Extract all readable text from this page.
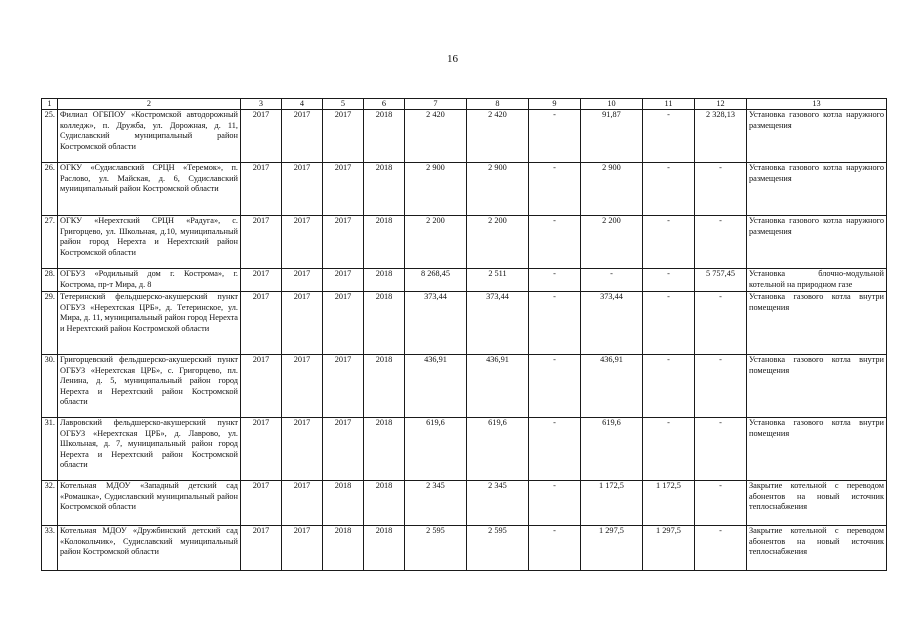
16
1	2	3	4	5	6	7	8	9	10	11	12	13
25.	Филиал ОГБПОУ «Костромской автодорожный колледж», п. Дружба, ул. Дорожная, д. 11, Судиславский муниципальный район Костромской области	2017	2017	2017	2018	2 420	2 420	-	91,87	-	2 328,13	Установка газового котла наружного размещения
26.	ОГКУ «Судиславский СРЦН «Теремок», п. Раслово, ул. Майская, д. 6, Судиславский муниципальный район Костромской области	2017	2017	2017	2018	2 900	2 900	-	2 900	-	-	Установка газового котла наружного размещения
27.	ОГКУ «Нерехтский СРЦН «Радуга», с. Григорцево, ул. Школьная, д.10, муниципальный район город Нерехта и Нерехтский район Костромской области	2017	2017	2017	2018	2 200	2 200	-	2 200	-	-	Установка газового котла наружного размещения
28.	ОГБУЗ «Родильный дом г. Кострома», г. Кострома, пр-т Мира, д. 8	2017	2017	2017	2018	8 268,45	2 511	-	-	-	5 757,45	Установка блочно-модульной котельной на природном газе
29.	Тетеринский фельдшерско-акушерский пункт ОГБУЗ «Нерехтская ЦРБ», д. Тетеринское, ул. Мира, д. 11, муниципальный район город Нерехта и Нерехтский район Костромской области	2017	2017	2017	2018	373,44	373,44	-	373,44	-	-	Установка газового котла внутри помещения
30.	Григорцевский фельдшерско-акушерский пункт ОГБУЗ «Нерехтская ЦРБ», с. Григорцево, пл. Ленина, д. 5, муниципальный район город Нерехта и Нерехтский район Костромской области	2017	2017	2017	2018	436,91	436,91	-	436,91	-	-	Установка газового котла внутри помещения
31.	Лавровский фельдшерско-акушерский пункт ОГБУЗ «Нерехтская ЦРБ», д. Лаврово, ул. Школьная, д. 7, муниципальный район город Нерехта и Нерехтский район Костромской области	2017	2017	2017	2018	619,6	619,6	-	619,6	-	-	Установка газового котла внутри помещения
32.	Котельная МДОУ «Западный детский сад «Ромашка», Судиславский муниципальный район Костромской области	2017	2017	2018	2018	2 345	2 345	-	1 172,5	1 172,5	-	Закрытие котельной с переводом абонентов на новый источник теплоснабжения
33.	Котельная МДОУ «Дружбинский детский сад «Колокольчик», Судиславский муниципальный район Костромской области	2017	2017	2018	2018	2 595	2 595	-	1 297,5	1 297,5	-	Закрытие котельной с переводом абонентов на новый источник теплоснабжения
